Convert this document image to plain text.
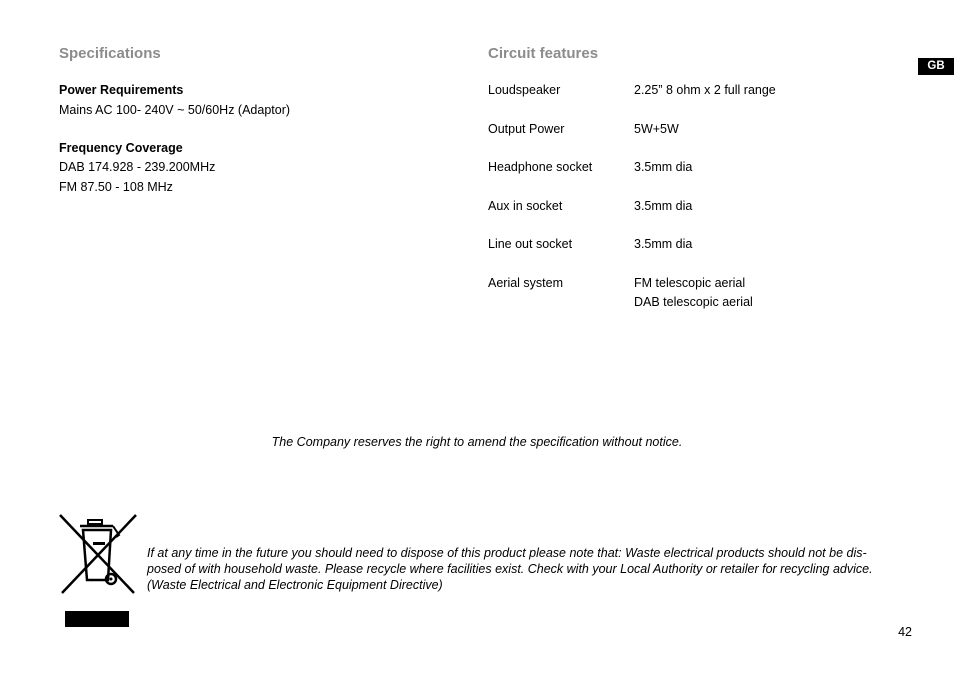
Specifications
Power Requirements
Mains AC 100- 240V ~ 50/60Hz (Adaptor)
Frequency Coverage
DAB 174.928 - 239.200MHz
FM 87.50 - 108 MHz
Circuit features
Loudspeaker	2.25” 8 ohm x 2 full range
Output Power	5W+5W
Headphone socket	3.5mm dia
Aux in socket	3.5mm dia
Line out socket	3.5mm dia
Aerial system	FM telescopic aerial
DAB telescopic aerial
GB
The Company reserves the right to amend the specification without notice.
If at any time in the future you should need to dispose of this product please note that: Waste electrical products should not be dis-posed of with household waste. Please recycle where facilities exist. Check with your Local Authority or retailer for recycling advice. (Waste Electrical and Electronic Equipment Directive)
42
